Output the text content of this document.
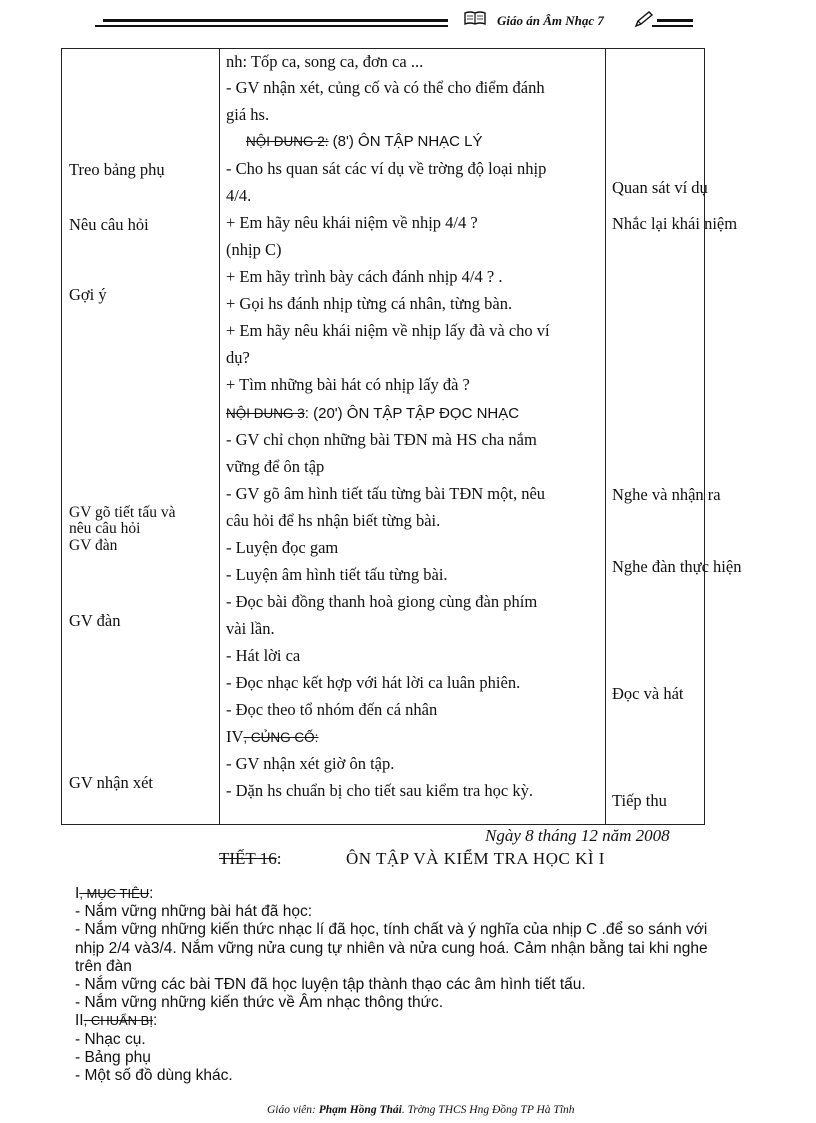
Giáo án Âm Nhạc 7
Treo bảng phụ
Nêu câu hỏi
Gợi ý
GV gõ tiết tấu và
nêu câu hỏi
GV đàn
GV đàn
GV nhận xét
nh: Tốp ca, song ca, đơn ca ...
- GV nhận xét, củng cố và có thể cho điểm đánh
giá hs.
NỘI DUNG 2: (8') ÔN TẬP NHẠC LÝ
- Cho hs quan sát các ví dụ về trờng độ loại nhịp
4/4.
+ Em hãy nêu khái niệm về nhịp 4/4 ?
(nhịp C)
+ Em hãy trình bày cách đánh nhịp 4/4 ? .
+ Gọi hs đánh nhịp từng cá nhân, từng bàn.
+ Em hãy nêu khái niệm về nhịp lấy đà và cho ví
dụ?
+ Tìm những bài hát có nhịp lấy đà ?
NỘI DUNG 3: (20') ÔN TẬP TẬP ĐỌC NHẠC
- GV chỉ chọn những bài TĐN mà HS cha nắm
vững để ôn tập
- GV gõ âm hình tiết tấu từng bài TĐN một, nêu
câu hỏi để hs nhận biết từng bài.
- Luyện đọc gam
- Luyện âm hình tiết tấu từng bài.
- Đọc bài đồng thanh hoà giong cùng đàn phím
vài lần.
- Hát lời ca
- Đọc nhạc kết hợp với hát lời ca luân phiên.
- Đọc theo tổ nhóm đến cá nhân
IV, CỦNG CỐ:
- GV nhận xét giờ ôn tập.
- Dặn hs chuẩn bị cho tiết sau kiểm tra học kỳ.
Quan sát ví dụ
Nhắc lại khái niệm
Nghe và nhận ra
Nghe đàn thực hiện
Đọc và hát
Tiếp thu
Ngày 8 tháng 12 năm 2008
TIẾT 16:	ÔN TẬP VÀ KIỂM TRA HỌC KÌ I
I, MỤC TIÊU:
- Nắm vững những bài hát đã học:
- Nắm vững những kiến thức nhạc lí đã học, tính chất và ý nghĩa của nhịp C .để so sánh với
nhịp 2/4 và3/4. Nắm vững nửa cung tự nhiên và nửa cung hoá. Cảm nhận bằng tai khi nghe
trên đàn
- Nắm vững các bài TĐN đã học luyện tập thành thạo các âm hình tiết tấu.
- Nắm vững những kiến thức về Âm nhạc thông thức.
II, CHUẨN BỊ:
- Nhạc cụ.
- Bảng phụ
- Một số đồ dùng khác.
Giáo viên: Phạm Hồng Thái. Trờng THCS Hng Đồng TP Hà Tĩnh
